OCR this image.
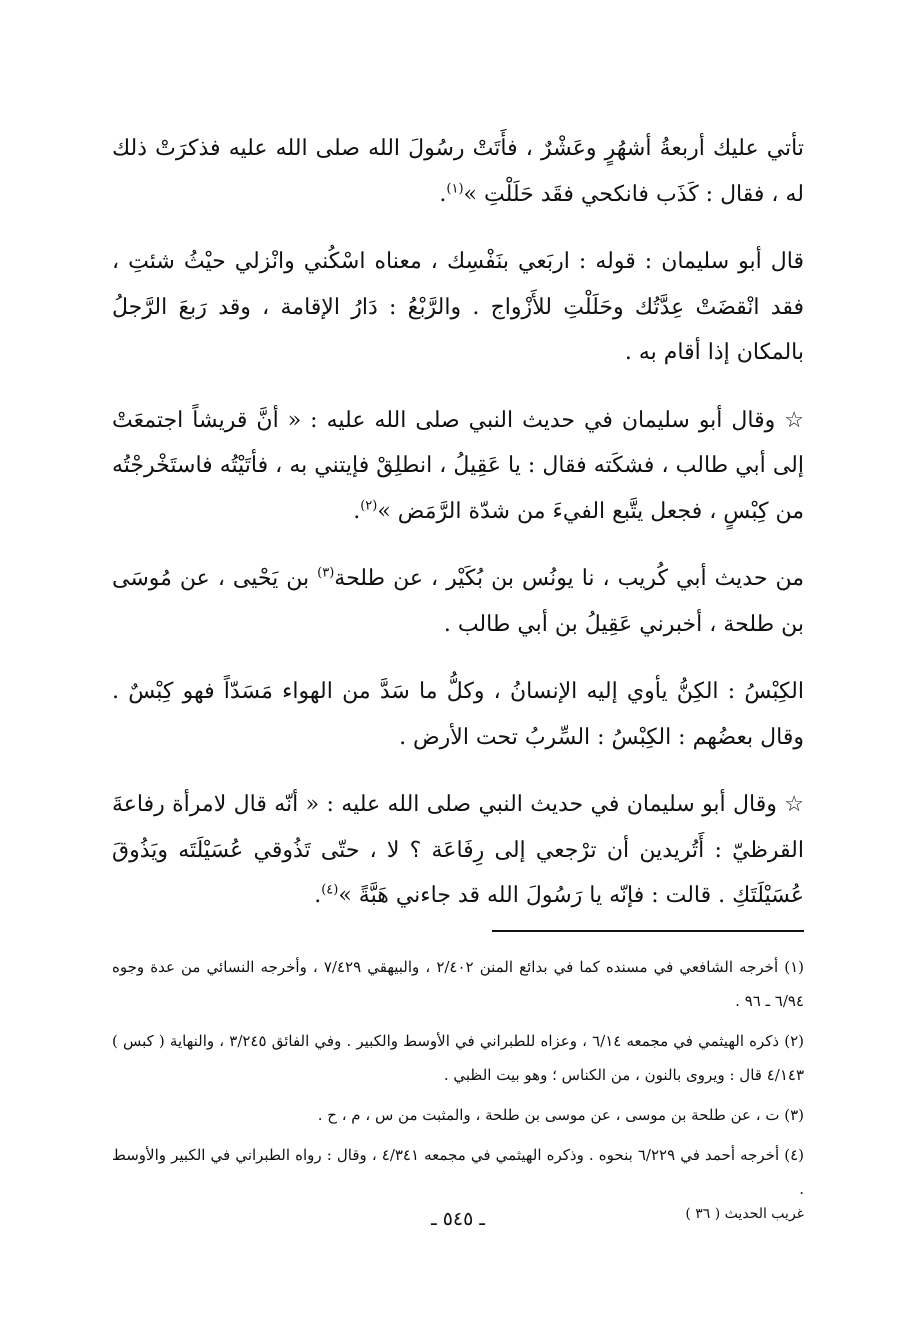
تأتي عليك أربعةُ أشهُرٍ وعَشْرٌ ، فأَتَتْ رسُولَ الله صلى الله عليه فذكرَتْ ذلك له ، فقال : كَذَب فانكحي فقَد حَلَلْتِ »$^{(١)}$.

قال أبو سليمان : قوله : اربَعي بنَفْسِك ، معناه اسْكُني وانْزلي حيْثُ شئتِ ، فقد انْقضَتْ عِدَّتُك وحَلَلْتِ للأَزْواج . والرَّبْعُ : دَارُ الإقامة ، وقد رَبعَ الرَّجلُ بالمكان إذا أقام به .

☆ وقال أبو سليمان في حديث النبي صلى الله عليه : « أنَّ قريشاً اجتمعَتْ إلى أبي طالب ، فشكَته فقال : يا عَقِيلُ ، انطلِقْ فإيتني به ، فأتَيْتُه فاستَخْرجْتُه من كِبْسٍ ، فجعل يتَّبع الفيءَ من شدّة الرَّمَض »$^{(٢)}$.

من حديث أبي كُريب ، نا يونُس بن بُكَيْر ، عن طلحة$^{(٣)}$ بن يَحْيى ، عن مُوسَى بن طلحة ، أخبرني عَقِيلُ بن أبي طالب .

الكِبْسُ : الكِنُّ يأوي إليه الإنسانُ ، وكلُّ ما سَدَّ من الهواء مَسَدّاً فهو كِبْسٌ . وقال بعضُهم : الكِبْسُ : السِّربُ تحت الأرض .

☆ وقال أبو سليمان في حديث النبي صلى الله عليه : « أنّه قال لامرأة رفاعةَ القرظيّ : أَتُريدين أن ترْجعي إلى رِفَاعَة ؟ لا ، حتّى تَذُوقي عُسَيْلَتَه ويَذُوقَ عُسَيْلَتَكِ . قالت : فإنّه يا رَسُولَ الله قد جاءني هَبَّةً »$^{(٤)}$.

(١) أخرجه الشافعي في مسنده كما في بدائع المنن ٢/٤٠٢ ، والبيهقي ٧/٤٢٩ ، وأخرجه النسائي من عدة وجوه ٦/٩٤ ـ ٩٦ .

(٢) ذكره الهيثمي في مجمعه ٦/١٤ ، وعزاه للطبراني في الأوسط والكبير . وفي الفائق ٣/٢٤٥ ، والنهاية ( كبس ) ٤/١٤٣ قال : ويروى بالنون ، من الكناس ؛ وهو بيت الظبي .

(٣) ت ، عن طلحة بن موسى ، عن موسى بن طلحة ، والمثبت من س ، م ، ح .

(٤) أخرجه أحمد في ٦/٢٢٩ بنحوه . وذكره الهيثمي في مجمعه ٤/٣٤١ ، وقال : رواه الطبراني في الكبير والأوسط .

غريب الحديث ( ٣٦ )
ـ ٥٤٥ ـ
